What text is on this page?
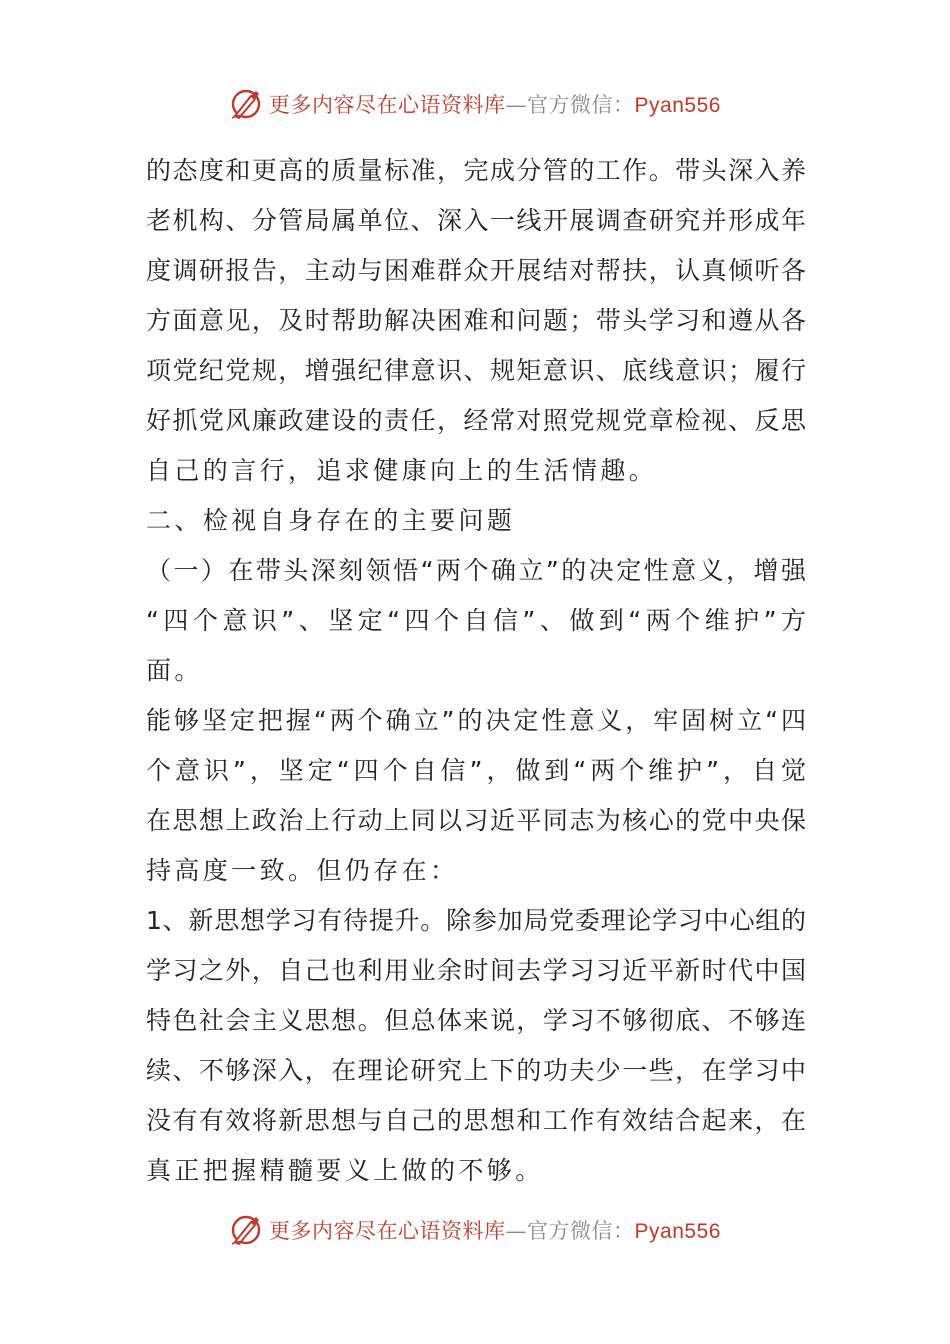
更多内容尽在心语资料库—官方微信：Pyan556
的态度和更高的质量标准，完成分管的工作。带头深入养
老机构、分管局属单位、深入一线开展调查研究并形成年
度调研报告，主动与困难群众开展结对帮扶，认真倾听各
方面意见，及时帮助解决困难和问题；带头学习和遵从各
项党纪党规，增强纪律意识、规矩意识、底线意识；履行
好抓党风廉政建设的责任，经常对照党规党章检视、反思
自己的言行，追求健康向上的生活情趣。
二、检视自身存在的主要问题
（一）在带头深刻领悟“两个确立”的决定性意义，增强
“四个意识”、坚定“四个自信”、做到“两个维护”方
面。
能够坚定把握“两个确立”的决定性意义，牢固树立“四
个意识”，坚定“四个自信”，做到“两个维护”，自觉
在思想上政治上行动上同以习近平同志为核心的党中央保
持高度一致。但仍存在：
1、新思想学习有待提升。除参加局党委理论学习中心组的
学习之外，自己也利用业余时间去学习习近平新时代中国
特色社会主义思想。但总体来说，学习不够彻底、不够连
续、不够深入，在理论研究上下的功夫少一些，在学习中
没有有效将新思想与自己的思想和工作有效结合起来，在
真正把握精髓要义上做的不够。
更多内容尽在心语资料库—官方微信：Pyan556
